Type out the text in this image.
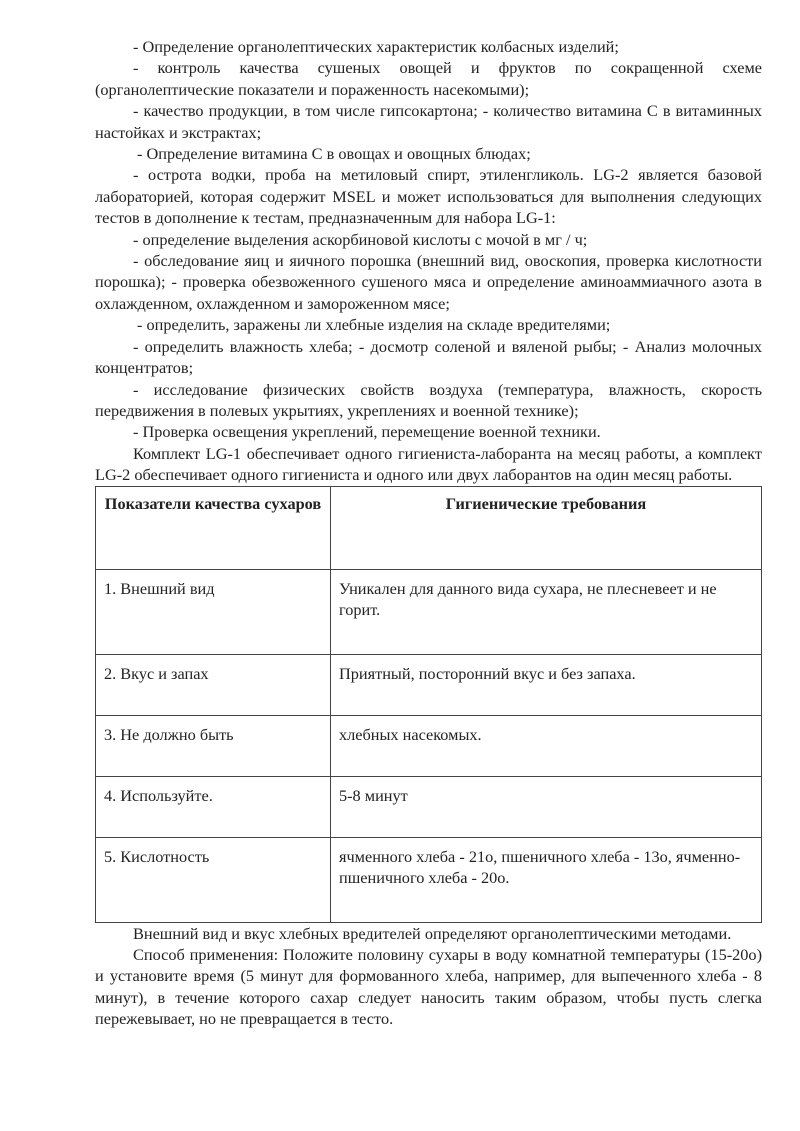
- Определение органолептических характеристик колбасных изделий;

- контроль качества сушеных овощей и фруктов по сокращенной схеме (органолептические показатели и пораженность насекомыми);

- качество продукции, в том числе гипсокартона; - количество витамина С в витаминных настойках и экстрактах;

- Определение витамина С в овощах и овощных блюдах;

- острота водки, проба на метиловый спирт, этиленгликоль. LG-2 является базовой лабораторией, которая содержит MSEL и может использоваться для выполнения следующих тестов в дополнение к тестам, предназначенным для набора LG-1:

- определение выделения аскорбиновой кислоты с мочой в мг / ч;

- обследование яиц и яичного порошка (внешний вид, овоскопия, проверка кислотности порошка); - проверка обезвоженного сушеного мяса и определение аминоаммиачного азота в охлажденном, охлажденном и замороженном мясе;

- определить, заражены ли хлебные изделия на складе вредителями;

- определить влажность хлеба; - досмотр соленой и вяленой рыбы; - Анализ молочных концентратов;

- исследование физических свойств воздуха (температура, влажность, скорость передвижения в полевых укрытиях, укреплениях и военной технике);

- Проверка освещения укреплений, перемещение военной техники.

Комплект LG-1 обеспечивает одного гигиениста-лаборанта на месяц работы, а комплект LG-2 обеспечивает одного гигиениста и одного или двух лаборантов на один месяц работы.

Показатели качества сухаров	Гигиенические требования
1. Внешний вид	Уникален для данного вида сухара, не плесневеет и не горит.
2. Вкус и запах	Приятный, посторонний вкус и без запаха.
3. Не должно быть	хлебных насекомых.
4. Используйте.	5-8 минут
5. Кислотность	ячменного хлеба - 21о, пшеничного хлеба - 13о, ячменно-пшеничного хлеба - 20о.

Внешний вид и вкус хлебных вредителей определяют органолептическими методами.

Способ применения: Положите половину сухары в воду комнатной температуры (15-20о) и установите время (5 минут для формованного хлеба, например, для выпеченного хлеба - 8 минут), в течение которого сахар следует наносить таким образом, чтобы пусть слегка пережевывает, но не превращается в тесто.
